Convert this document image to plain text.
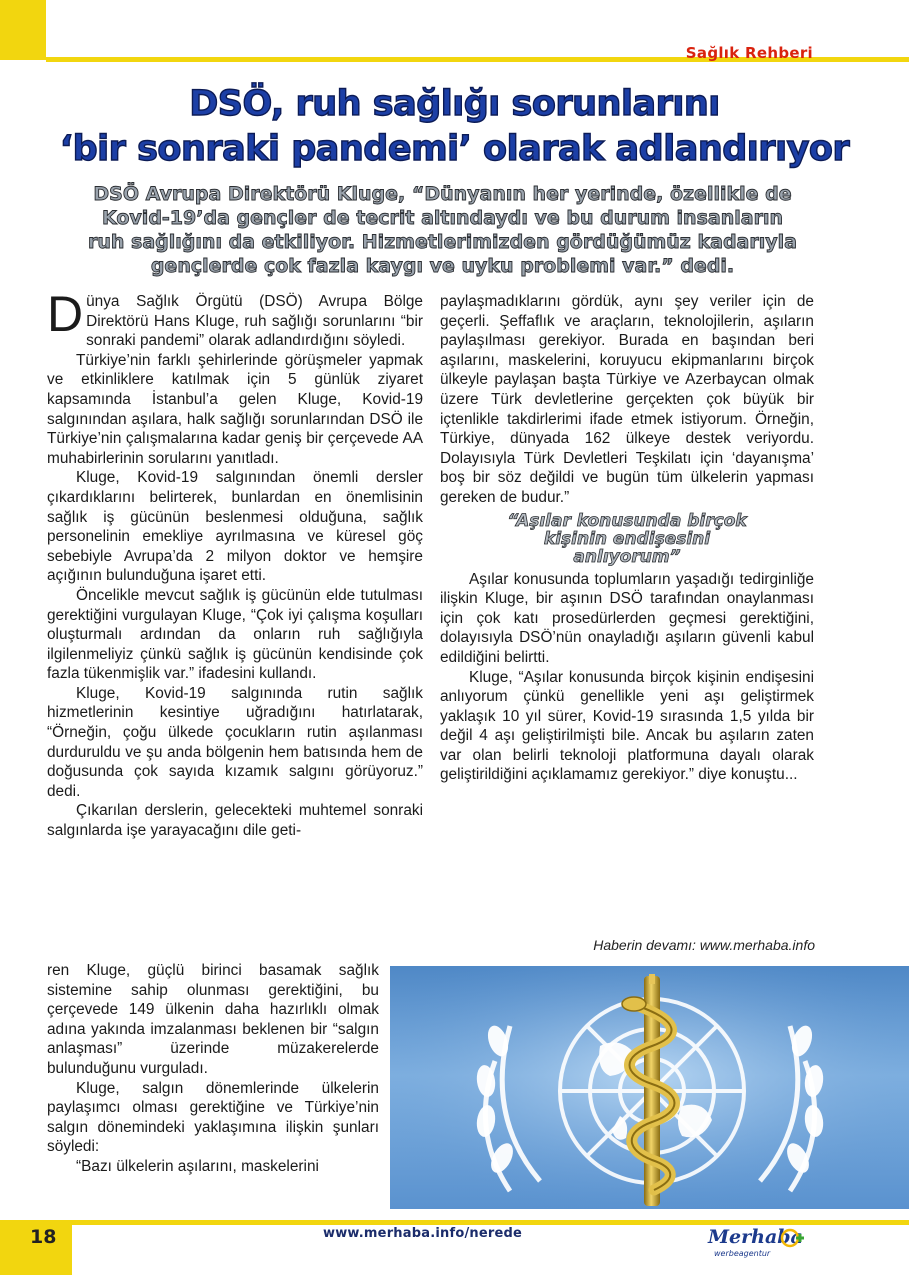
Sağlık Rehberi
DSÖ, ruh sağlığı sorunlarını
‘bir sonraki pandemi’ olarak adlandırıyor
DSÖ Avrupa Direktörü Kluge, “Dünyanın her yerinde, özellikle de
Kovid-19’da gençler de tecrit altındaydı ve bu durum insanların
ruh sağlığını da etkiliyor. Hizmetlerimizden gördüğümüz kadarıyla
gençlerde çok fazla kaygı ve uyku problemi var.” dedi.

Dünya Sağlık Örgütü (DSÖ) Avrupa Bölge Direktörü Hans Kluge, ruh sağlığı sorunlarını “bir sonraki pandemi” olarak adlandırdığını söyledi.

Türkiye’nin farklı şehirlerinde görüşmeler yapmak ve etkinliklere katılmak için 5 günlük ziyaret kapsamında İstanbul’a gelen Kluge, Kovid-19 salgınından aşılara, halk sağlığı sorunlarından DSÖ ile Türkiye’nin çalışmalarına kadar geniş bir çerçevede AA muhabirlerinin sorularını yanıtladı.

Kluge, Kovid-19 salgınından önemli dersler çıkardıklarını belirterek, bunlardan en önemlisinin sağlık iş gücünün beslenmesi olduğuna, sağlık personelinin emekliye ayrılmasına ve küresel göç sebebiyle Avrupa’da 2 milyon doktor ve hemşire açığının bulunduğuna işaret etti.

Öncelikle mevcut sağlık iş gücünün elde tutulması gerektiğini vurgulayan Kluge, “Çok iyi çalışma koşulları oluşturmalı ardından da onların ruh sağlığıyla ilgilenmeliyiz çünkü sağlık iş gücünün kendisinde çok fazla tükenmişlik var.” ifadesini kullandı.

Kluge, Kovid-19 salgınında rutin sağlık hizmetlerinin kesintiye uğradığını hatırlatarak, “Örneğin, çoğu ülkede çocukların rutin aşılanması durduruldu ve şu anda bölgenin hem batısında hem de doğusunda çok sayıda kızamık salgını görüyoruz.” dedi.

Çıkarılan derslerin, gelecekteki muhtemel sonraki salgınlarda işe yarayacağını dile geti-

ren Kluge, güçlü birinci basamak sağlık sistemine sahip olunması gerektiğini, bu çerçevede 149 ülkenin daha hazırlıklı olmak adına yakında imzalanması beklenen bir “salgın anlaşması” üzerinde müzakerelerde bulunduğunu vurguladı.

Kluge, salgın dönemlerinde ülkelerin paylaşımcı olması gerektiğine ve Türkiye’nin salgın dönemindeki yaklaşımına ilişkin şunları söyledi:

“Bazı ülkelerin aşılarını, maskelerini

paylaşmadıklarını gördük, aynı şey veriler için de geçerli. Şeffaflık ve araçların, teknolojilerin, aşıların paylaşılması gerekiyor. Burada en başından beri aşılarını, maskelerini, koruyucu ekipmanlarını birçok ülkeyle paylaşan başta Türkiye ve Azerbaycan olmak üzere Türk devletlerine gerçekten çok büyük bir içtenlikle takdirlerimi ifade etmek istiyorum. Örneğin, Türkiye, dünyada 162 ülkeye destek veriyordu. Dolayısıyla Türk Devletleri Teşkilatı için ‘dayanışma’ boş bir söz değildi ve bugün tüm ülkelerin yapması gereken de budur.”

“Aşılar konusunda birçok
kişinin endişesini
anlıyorum”

Aşılar konusunda toplumların yaşadığı tedirginliğe ilişkin Kluge, bir aşının DSÖ tarafından onaylanması için çok katı prosedürlerden geçmesi gerektiğini, dolayısıyla DSÖ’nün onayladığı aşıların güvenli kabul edildiğini belirtti.

Kluge, “Aşılar konusunda birçok kişinin endişesini anlıyorum çünkü genellikle yeni aşı geliştirmek yaklaşık 10 yıl sürer, Kovid-19 sırasında 1,5 yılda bir değil 4 aşı geliştirilmişti bile. Ancak bu aşıların zaten var olan belirli teknoloji platformuna dayalı olarak geliştirildiğini açıklamamız gerekiyor.” diye konuştu...

Haberin devamı: www.merhaba.info
18	www.merhaba.info/nerede	Merhaba
werbeagentur
